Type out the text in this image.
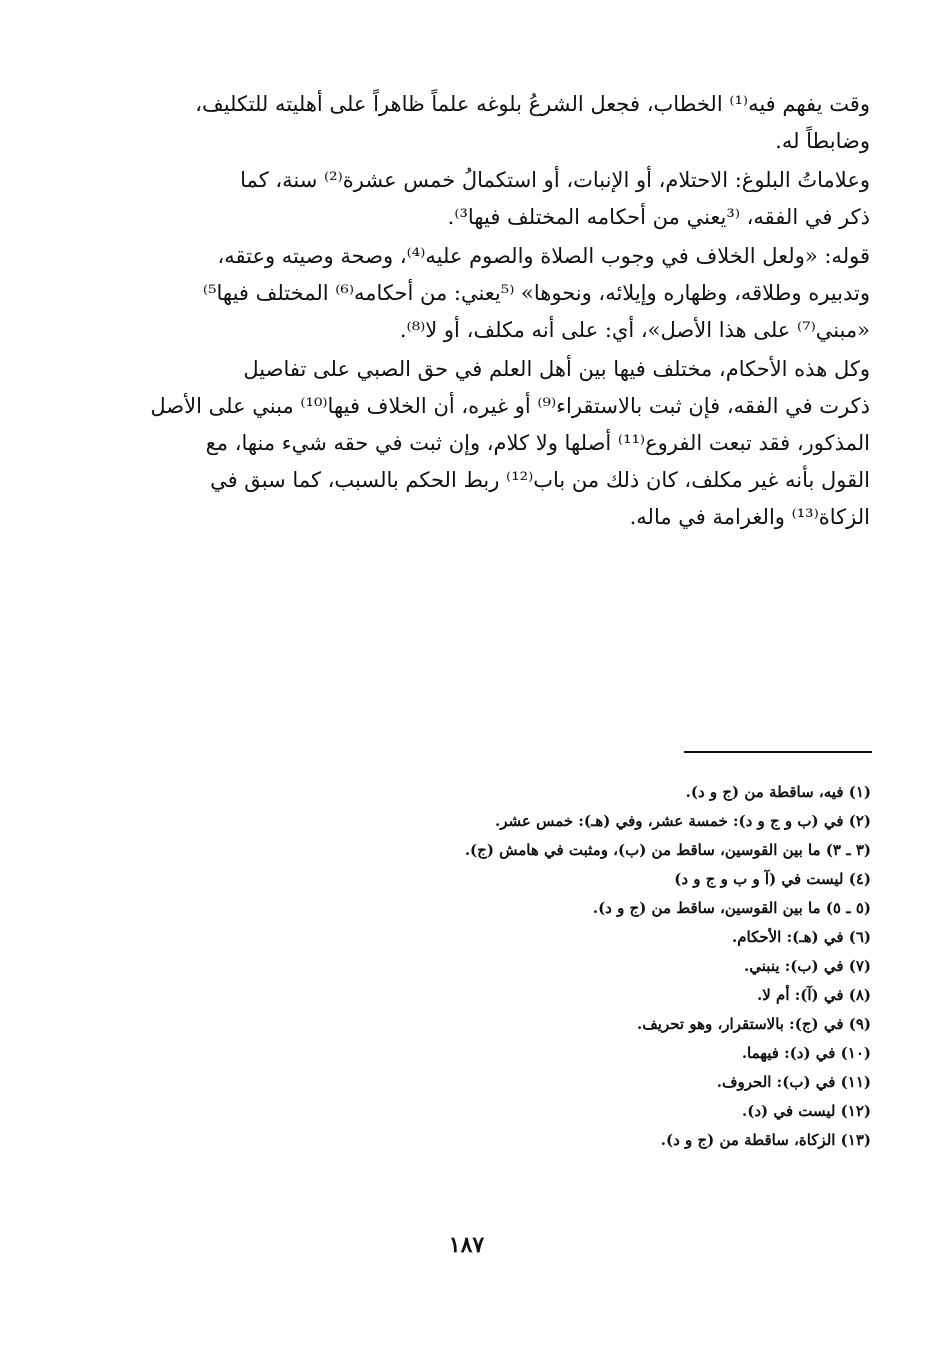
وقت يفهم فيه⁽¹⁾ الخطاب، فجعل الشرعُ بلوغه علماً ظاهراً على أهليته للتكليف،

وضابطاً له.

وعلاماتُ البلوغ: الاحتلام، أو الإنبات، أو استكمالُ خمس عشرة⁽²⁾ سنة، كما

ذكر في الفقه، ⁽³يعني من أحكامه المختلف فيها³⁾.

قوله: «ولعل الخلاف في وجوب الصلاة والصوم عليه⁽⁴⁾، وصحة وصيته وعتقه،

وتدبيره وطلاقه، وظهاره وإيلائه، ونحوها» ⁽⁵يعني: من أحكامه⁽⁶⁾ المختلف فيها⁵⁾

«مبني⁽⁷⁾ على هذا الأصل»، أي: على أنه مكلف، أو لا⁽⁸⁾.

وكل هذه الأحكام، مختلف فيها بين أهل العلم في حق الصبي على تفاصيل

ذكرت في الفقه، فإن ثبت بالاستقراء⁽⁹⁾ أو غيره، أن الخلاف فيها⁽¹⁰⁾ مبني على الأصل

المذكور، فقد تبعت الفروع⁽¹¹⁾ أصلها ولا كلام، وإن ثبت في حقه شيء منها، مع

القول بأنه غير مكلف، كان ذلك من باب⁽¹²⁾ ربط الحكم بالسبب، كما سبق في

الزكاة⁽¹³⁾ والغرامة في ماله.

(١) فيه، ساقطة من (ج و د).
(٢) في (ب و ج و د): خمسة عشر، وفي (هـ): خمس عشر.
(٣ ـ ٣) ما بين القوسين، ساقط من (ب)، ومثبت في هامش (ج).
(٤) ليست في (آ و ب و ج و د)
(٥ ـ ٥) ما بين القوسين، ساقط من (ج و د).
(٦) في (هـ): الأحكام.
(٧) في (ب): ينبني.
(٨) في (آ): أم لا.
(٩) في (ج): بالاستقرار، وهو تحريف.
(١٠) في (د): فيهما.
(١١) في (ب): الحروف.
(١٢) ليست في (د).
(١٣) الزكاة، ساقطة من (ج و د).
١٨٧
